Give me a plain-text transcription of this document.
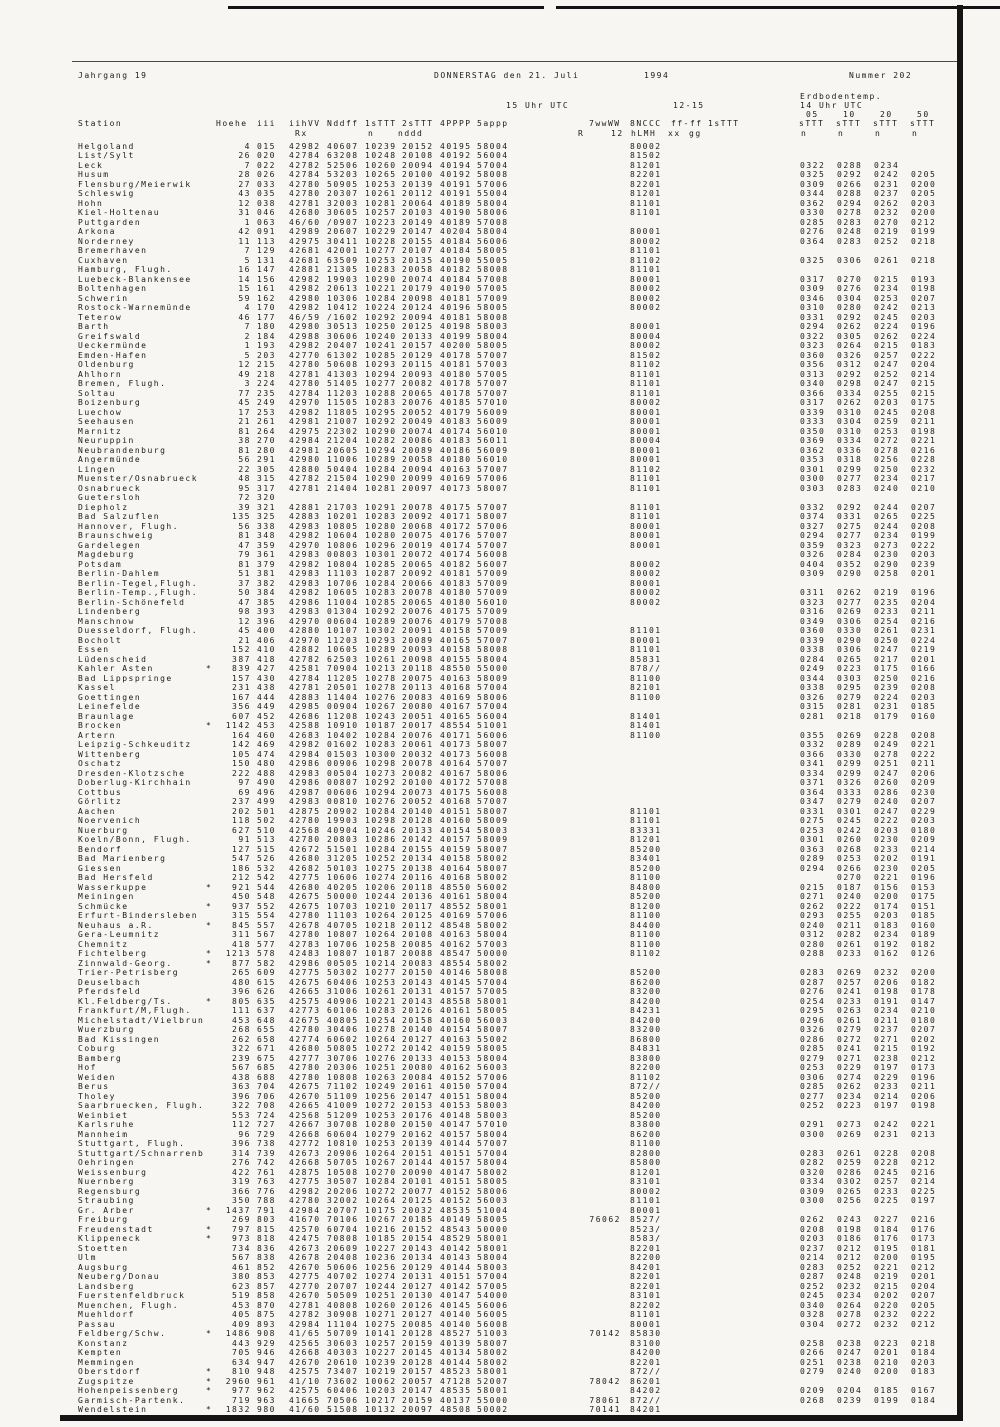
Jahrgang 19	DONNERSTAG den 21. Juli	1994	Nummer 202
Erdbodentemp.
15 Uhr UTC	12-15	14 Uhr UTC
05	10	20	50
Station	Hoehe iii iihVV Nddff 1sTTT 2sTTT 4PPPP 5appp	7wwWW 8NCCC ff-ff 1sTTT	sTTT sTTT sTTT sTTT
Rx	n	nddd	R	12 hLMH xx gg	n	n	n	n
Helgoland	4 015 42982 40607 10239 20152 40195 58004	80002
List/Sylt	26 020 42784 63208 10248 20108 40192 56004	81502
Leck	7 022 42782 52506 10260 20094 40194 57004	81201	0322 0288 0234
Husum	28 026 42784 53203 10265 20100 40192 58008	82201	0325 0292 0242 0205
Flensburg/Meierwik	27 033 42780 50905 10253 20139 40191 57006	82201	0309 0266 0231 0200
Schleswig	43 035 42780 20307 10261 20112 40191 55004	81201	0344 0288 0237 0205
Hohn	12 038 42781 32003 10281 20064 40189 58004	81101	0362 0294 0262 0203
Kiel-Holtenau	31 046 42680 30605 10257 20103 40190 58006	81101	0330 0278 0232 0200
Puttgarden	1 063 46/60 /0907 10223 20149 40189 57008	0285 0283 0270 0212
Arkona	42 091 42989 20607 10229 20147 40204 58004	80001	0276 0248 0219 0199
Norderney	11 113 42975 30411 10228 20155 40184 56006	80002	0364 0283 0252 0218
Bremerhaven	7 129 42681 42001 10277 20107 40184 58005	81101
Cuxhaven	5 131 42681 63509 10253 20135 40190 55005	81102	0325 0306 0261 0218
Hamburg, Flugh.	16 147 42881 21305 10283 20058 40182 58008	81101
Luebeck-Blankensee	14 156 42982 19903 10290 20074 40184 57008	80001	0317 0270 0215 0193
Boltenhagen	15 161 42982 20613 10221 20179 40190 57005	80002	0309 0276 0234 0198
Schwerin	59 162 42980 10306 10284 20098 40181 57009	80002	0346 0304 0253 0207
Rostock-Warnemünde	4 170 42982 10412 10224 20124 40196 58005	80002	0310 0280 0242 0213
Teterow	46 177 46/59 /1602 10292 20094 40181 58008	0331 0292 0245 0203
Barth	7 180 42980 30513 10250 20125 40198 58003	80001	0294 0262 0224 0196
Greifswald	2 184 42988 30606 10240 20133 40199 58004	80004	0322 0305 0262 0224
Ueckermünde	1 193 42982 20407 10241 20157 40200 58005	80002	0323 0264 0215 0183
Emden-Hafen	5 203 42770 61302 10285 20129 40178 57007	81502	0360 0326 0257 0222
Oldenburg	12 215 42780 50608 10293 20115 40181 57003	81102	0356 0312 0247 0204
Ahlhorn	49 218 42781 41303 10294 20093 40180 57005	81101	0313 0292 0252 0214
Bremen, Flugh.	3 224 42780 51405 10277 20082 40178 57007	81101	0340 0298 0247 0215
Soltau	77 235 42784 11203 10288 20065 40178 57007	81101	0366 0334 0255 0215
Boizenburg	45 249 42970 11505 10283 20076 40185 57010	80002	0317 0262 0203 0175
Luechow	17 253 42982 11805 10295 20052 40179 56009	80001	0339 0310 0245 0208
Seehausen	21 261 42981 21007 10292 20049 40183 56009	80001	0333 0304 0259 0211
Marnitz	81 264 42975 22302 10290 20074 40174 56010	80001	0350 0310 0253 0198
Neuruppin	38 270 42984 21204 10282 20086 40183 56011	80004	0369 0334 0272 0221
Neubrandenburg	81 280 42981 20605 10294 20089 40186 56009	80001	0362 0336 0278 0216
Angermünde	56 291 42980 11006 10289 20058 40180 56010	80001	0353 0318 0256 0228
Lingen	22 305 42880 50404 10284 20094 40163 57007	81102	0301 0299 0250 0232
Muenster/Osnabrueck	48 315 42782 21504 10290 20099 40169 57006	81101	0300 0277 0234 0217
Osnabrueck	95 317 42781 21404 10281 20097 40173 58007	81101	0303 0283 0240 0210
Guetersloh	72 320
Diepholz	39 321 42881 21703 10291 20078 40175 57007	81101	0332 0292 0244 0207
Bad Salzuflen	135 325 42883 10201 10283 20092 40171 58007	81101	0374 0331 0265 0225
Hannover, Flugh.	56 338 42983 10805 10280 20068 40172 57006	80001	0327 0275 0244 0208
Braunschweig	81 348 42982 10604 10280 20075 40176 57007	80001	0294 0277 0234 0199
Gardelegen	47 359 42970 10806 10296 20019 40174 57007	80001	0359 0323 0273 0222
Magdeburg	79 361 42983 00803 10301 20072 40174 56008	0326 0284 0230 0203
Potsdam	81 379 42982 10804 10285 20065 40182 56007	80002	0404 0352 0290 0239
Berlin-Dahlem	51 381 42983 11103 10287 20092 40181 57009	80002	0309 0290 0258 0201
Berlin-Tegel,Flugh.	37 382 42983 10706 10284 20066 40183 57009	80001
Berlin-Temp.,Flugh.	50 384 42982 10605 10283 20078 40180 57009	80002	0311 0262 0219 0196
Berlin-Schönefeld	47 385 42986 11004 10285 20065 40180 56010	80002	0323 0277 0235 0204
Lindenberg	98 393 42983 01304 10292 20076 40175 57009	0316 0269 0233 0211
Manschnow	12 396 42970 00604 10289 20076 40179 57008	0349 0306 0254 0216
Duesseldorf, Flugh.	45 400 42880 10107 10302 20091 40158 57009	81101	0360 0330 0261 0231
Bocholt	21 406 42970 11203 10293 20089 40165 57007	80001	0339 0290 0250 0224
Essen	152 410 42882 10605 10289 20093 40158 58008	81101	0338 0306 0247 0219
Lüdenscheid	387 418 42782 62503 10261 20098 40155 58004	85831	0284 0265 0217 0201
Kahler Asten	*	839 427 42581 70904 10213 20118 48550 55000	878//	0249 0223 0175 0166
Bad Lippspringe	157 430 42784 11205 10278 20075 40163 58009	81100	0344 0303 0250 0216
Kassel	231 438 42781 20501 10278 20113 40168 57004	82101	0338 0295 0239 0208
Goettingen	167 444 42883 11404 10276 20083 40169 58006	81100	0326 0279 0224 0203
Leinefelde	356 449 42985 00904 10267 20080 40167 57004	0315 0281 0231 0185
Braunlage	607 452 42686 11208 10243 20051 40165 56004	81401	0281 0218 0179 0160
Brocken	*	1142 453 42588 10910 10187 20017 48554 51001	81401
Artern	164 460 42683 10402 10284 20076 40171 56006	81100	0355 0269 0228 0208
Leipzig-Schkeuditz	142 469 42982 01602 10283 20061 40173 58007	0332 0289 0249 0221
Wittenberg	105 474 42984 01503 10300 20032 40173 56008	0366 0330 0278 0222
Oschatz	150 480 42986 00906 10298 20078 40164 57007	0341 0299 0251 0211
Dresden-Klotzsche	222 488 42983 00504 10273 20082 40167 58006	0334 0299 0247 0206
Doberlug-Kirchhain	97 490 42986 00807 10292 20100 40172 57008	0371 0326 0260 0209
Cottbus	69 496 42987 00606 10294 20073 40175 56008	0364 0333 0286 0230
Görlitz	237 499 42983 00810 10276 20052 40168 57007	0347 0279 0240 0207
Aachen	202 501 42875 20902 10284 20140 40151 58007	81101	0331 0301 0247 0229
Noervenich	118 502 42780 19903 10298 20128 40160 58009	81101	0275 0245 0222 0203
Nuerburg	627 510 42568 40904 10246 20133 40154 58003	83331	0253 0242 0203 0180
Koeln/Bonn, Flugh.	91 513 42780 20803 10286 20142 40157 58009	81201	0301 0260 0230 0209
Bendorf	127 515 42672 51501 10284 20155 40159 58007	85200	0363 0268 0233 0214
Bad Marienberg	547 526 42680 31205 10252 20134 40158 58002	83401	0289 0253 0202 0191
Giessen	186 532 42682 50103 10275 20138 40164 58007	85200	0294 0266 0230 0205
Bad Hersfeld	212 542 42775 10606 10274 20116 40168 58002	81100	0270 0221 0196
Wasserkuppe	*	921 544 42680 40205 10206 20118 48550 56002	84800	0215 0187 0156 0153
Meiningen	450 548 42675 50000 10244 20136 40161 58004	85200	0271 0240 0200 0175
Schmücke	*	937 552 42675 10703 10210 20117 48552 58001	81200	0262 0222 0174 0151
Erfurt-Bindersleben	315 554 42780 11103 10264 20125 40169 57006	81100	0293 0255 0203 0185
Neuhaus a.R.	*	845 557 42678 40705 10218 20112 48548 58002	84400	0240 0211 0183 0160
Gera-Leumnitz	311 567 42780 10807 10264 20108 40163 58004	81100	0312 0282 0234 0189
Chemnitz	418 577 42783 10706 10258 20085 40162 57003	81100	0280 0261 0192 0182
Fichtelberg	*	1213 578 42483 10807 10187 20088 48547 50000	81102	0288 0233 0162 0126
Zinnwald-Georg.	*	877 582 42986 00505 10214 20083 48554 58002
Trier-Petrisberg	265 609 42775 50302 10277 20150 40146 58008	85200	0283 0269 0232 0200
Deuselbach	480 615 42675 60406 10253 20143 40145 57004	86200	0287 0257 0206 0182
Pferdsfeld	396 626 42665 31006 10261 20131 40157 57005	83200	0276 0241 0198 0178
Kl.Feldberg/Ts.	*	805 635 42575 40906 10221 20143 48558 58001	84200	0254 0233 0191 0147
Frankfurt/M,Flugh.	111 637 42773 60106 10283 20126 40161 58005	84231	0295 0263 0234 0210
Michelstadt/Vielbrun	453 648 42675 40805 10254 20158 40160 56003	84200	0296 0261 0211 0180
Wuerzburg	268 655 42780 30406 10278 20140 40154 58007	83200	0326 0279 0237 0207
Bad Kissingen	262 658 42774 60602 10264 20127 40163 55002	86800	0286 0272 0271 0202
Coburg	322 671 42680 50805 10272 20142 40159 58005	84831	0285 0241 0215 0192
Bamberg	239 675 42777 30706 10276 20133 40153 58004	83800	0279 0271 0238 0212
Hof	567 685 42780 20306 10251 20080 40162 56003	82200	0253 0229 0197 0173
Weiden	438 688 42780 10808 10263 20084 40152 57006	81102	0306 0274 0229 0196
Berus	363 704 42675 71102 10249 20161 40150 57004	872//	0285 0262 0233 0211
Tholey	396 706 42670 51109 10256 20147 40151 58004	85200	0277 0234 0214 0206
Saarbruecken, Flugh.	322 708 42665 41009 10272 20153 40153 58003	84200	0252 0223 0197 0198
Weinbiet	553 724 42568 51209 10253 20176 40148 58003	85200
Karlsruhe	112 727 42667 30708 10280 20150 40147 57010	83800	0291 0273 0242 0221
Mannheim	96 729 42668 60604 10279 20162 40157 58004	86200	0300 0269 0231 0213
Stuttgart, Flugh.	396 738 42772 10810 10253 20139 40144 57007	81100
Stuttgart/Schnarrenb	314 739 42673 20906 10264 20151 40151 57004	82800	0283 0261 0228 0208
Oehringen	276 742 42668 50705 10267 20144 40157 58004	85800	0282 0259 0228 0212
Weissenburg	422 761 42875 10508 10270 20090 40147 58002	81201	0320 0286 0245 0216
Nuernberg	319 763 42775 30507 10284 20101 40151 58005	83101	0334 0302 0257 0214
Regensburg	366 776 42982 20206 10272 20077 40152 58006	80002	0309 0265 0233 0225
Straubing	350 788 42780 32002 10264 20125 40152 56003	81101	0300 0256 0225 0197
Gr. Arber	*	1437 791 42984 20707 10175 20032 48535 51004	80001
Freiburg	269 803 41670 70106 10267 20185 40149 58005	76062 8527/	0262 0243 0227 0216
Freudenstadt	*	797 815 42570 60704 10216 20152 48543 50000	8523/	0208 0198 0184 0176
Klippeneck	*	973 818 42475 70808 10185 20154 48529 58001	8583/	0203 0186 0176 0173
Stoetten	734 836 42673 20609 10227 20143 40142 58001	82201	0237 0212 0195 0181
Ulm	567 838 42678 20408 10236 20134 40143 58004	82200	0214 0212 0200 0195
Augsburg	461 852 42670 50606 10256 20129 40144 58003	84201	0283 0252 0221 0212
Neuberg/Donau	380 853 42775 40702 10274 20131 40151 57004	82201	0287 0248 0219 0201
Landsberg	623 857 42770 20707 10244 20127 40142 57005	82201	0252 0232 0215 0204
Fuerstenfeldbruck	519 858 42670 50509 10251 20130 40147 54000	83101	0245 0234 0202 0207
Muenchen, Flugh.	453 870 42781 40808 10260 20126 40145 56006	82202	0340 0264 0220 0205
Muehldorf	405 875 42782 30908 10271 20127 40140 56005	81101	0328 0278 0232 0222
Passau	409 893 42984 11104 10275 20085 40140 56008	80001	0304 0272 0232 0212
Feldberg/Schw.	*	1486 908 41/65 50709 10141 20128 48527 51003	70142 85830
Konstanz	443 929 42565 30603 10257 20159 40139 58007	83100	0258 0238 0223 0218
Kempten	705 946 42668 40303 10227 20145 40134 58002	84200	0266 0247 0201 0184
Memmingen	634 947 42670 20610 10239 20128 40144 58002	82201	0251 0238 0210 0203
Oberstdorf	*	810 948 42575 73407 10219 20157 48523 58001	872//	0279 0240 0200 0183
Zugspitze	*	2960 961 41/10 73602 10062 20057 47128 52007	78042 86201
Hohenpeissenberg	*	977 962 42575 60406 10203 20147 48535 58001	84202	0209 0204 0185 0167
Garmisch-Partenk.	719 963 41665 70506 10217 20159 40137 55000	78061 872//	0268 0239 0199 0184
Wendelstein	*	1832 980 41/60 51508 10132 20097 48508 50002	70141 84201
